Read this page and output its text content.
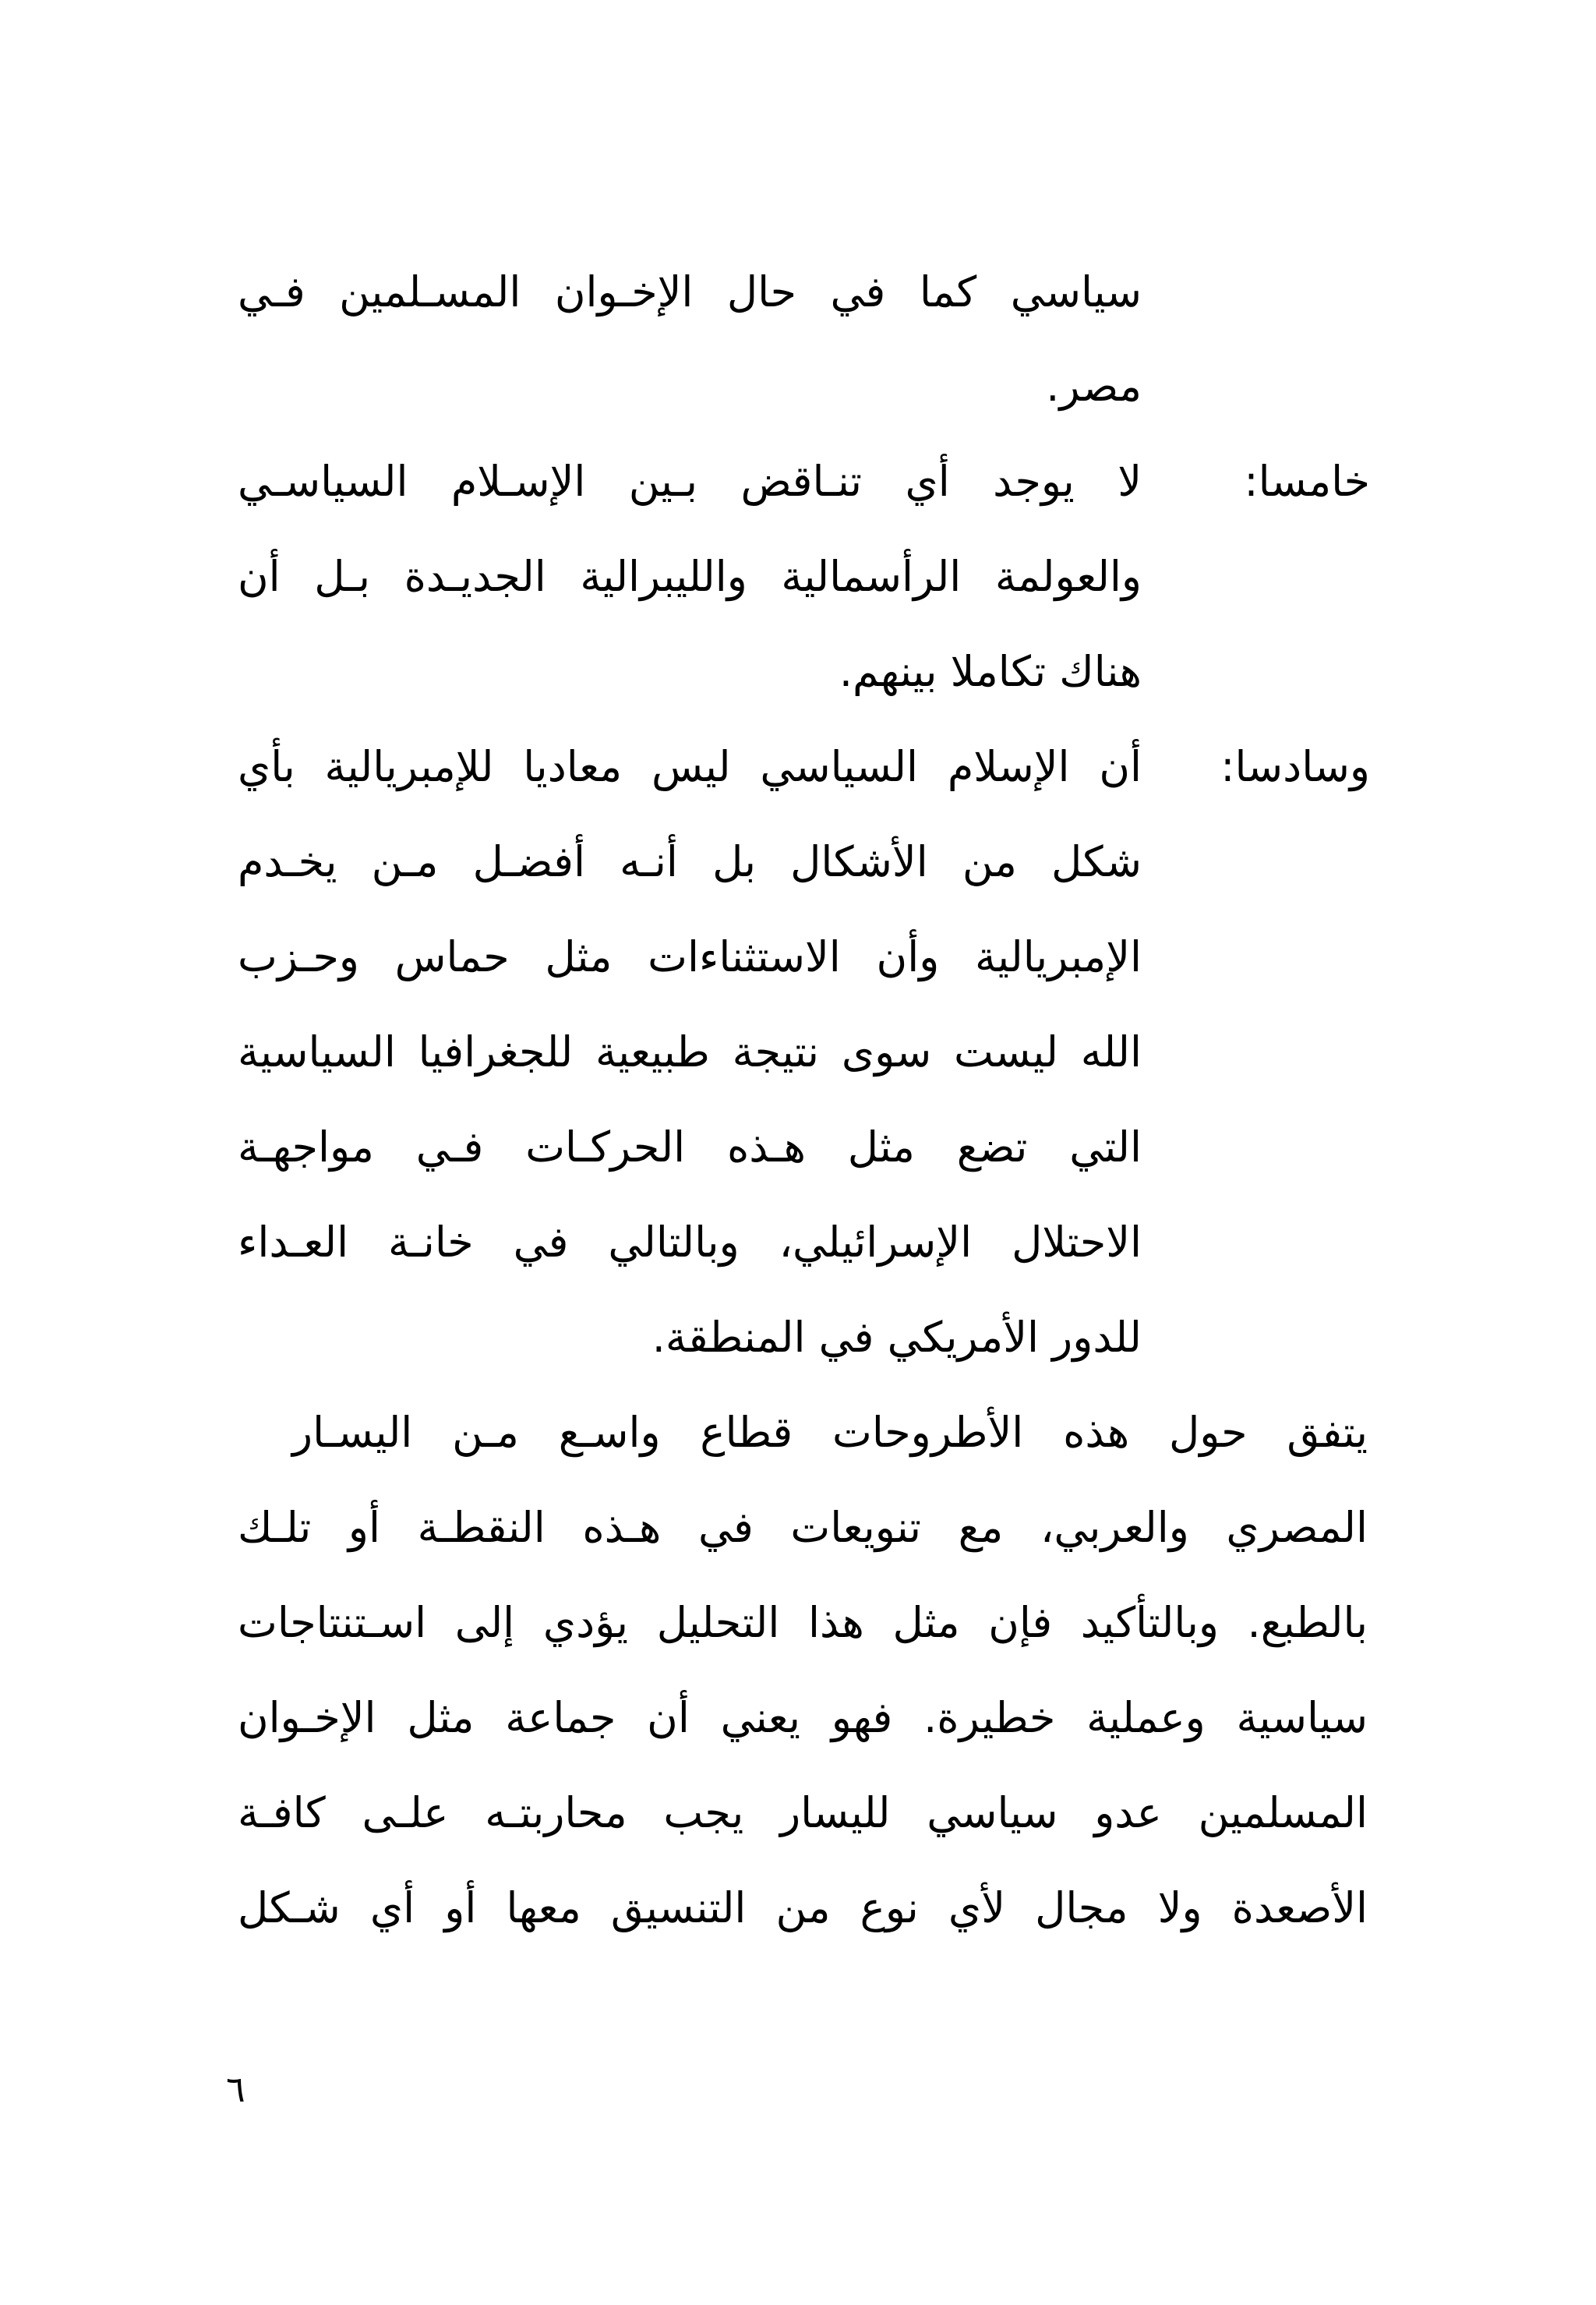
سياسي كما في حال الإخـوان المسـلمين فـي
مصر.
خامسا:
لا يوجد أي تنـاقض بـين الإسـلام السياسـي
والعولمة الرأسمالية والليبرالية الجديـدة بـل أن
هناك تكاملا بينهم.
وسادسا:
أن الإسلام السياسي ليس معاديا للإمبريالية بأي
شكل من الأشكال بل أنـه أفضـل مـن يخـدم
الإمبريالية وأن الاستثناءات مثل حماس وحـزب
الله ليست سوى نتيجة طبيعية للجغرافيا السياسية
التي تضع مثل هـذه الحركـات فـي مواجهـة
الاحتلال الإسرائيلي، وبالتالي في خانـة العـداء
للدور الأمريكي في المنطقة.
يتفق حول هذه الأطروحات قطاع واسـع مـن اليسـار
المصري والعربي، مع تنويعات في هـذه النقطـة أو تلـك
بالطبع. وبالتأكيد فإن مثل هذا التحليل يؤدي إلى اسـتنتاجات
سياسية وعملية خطيرة. فهو يعني أن جماعة مثل الإخـوان
المسلمين عدو سياسي لليسار يجب محاربتـه علـى كافـة
الأصعدة ولا مجال لأي نوع من التنسيق معها أو أي شـكل
٦
